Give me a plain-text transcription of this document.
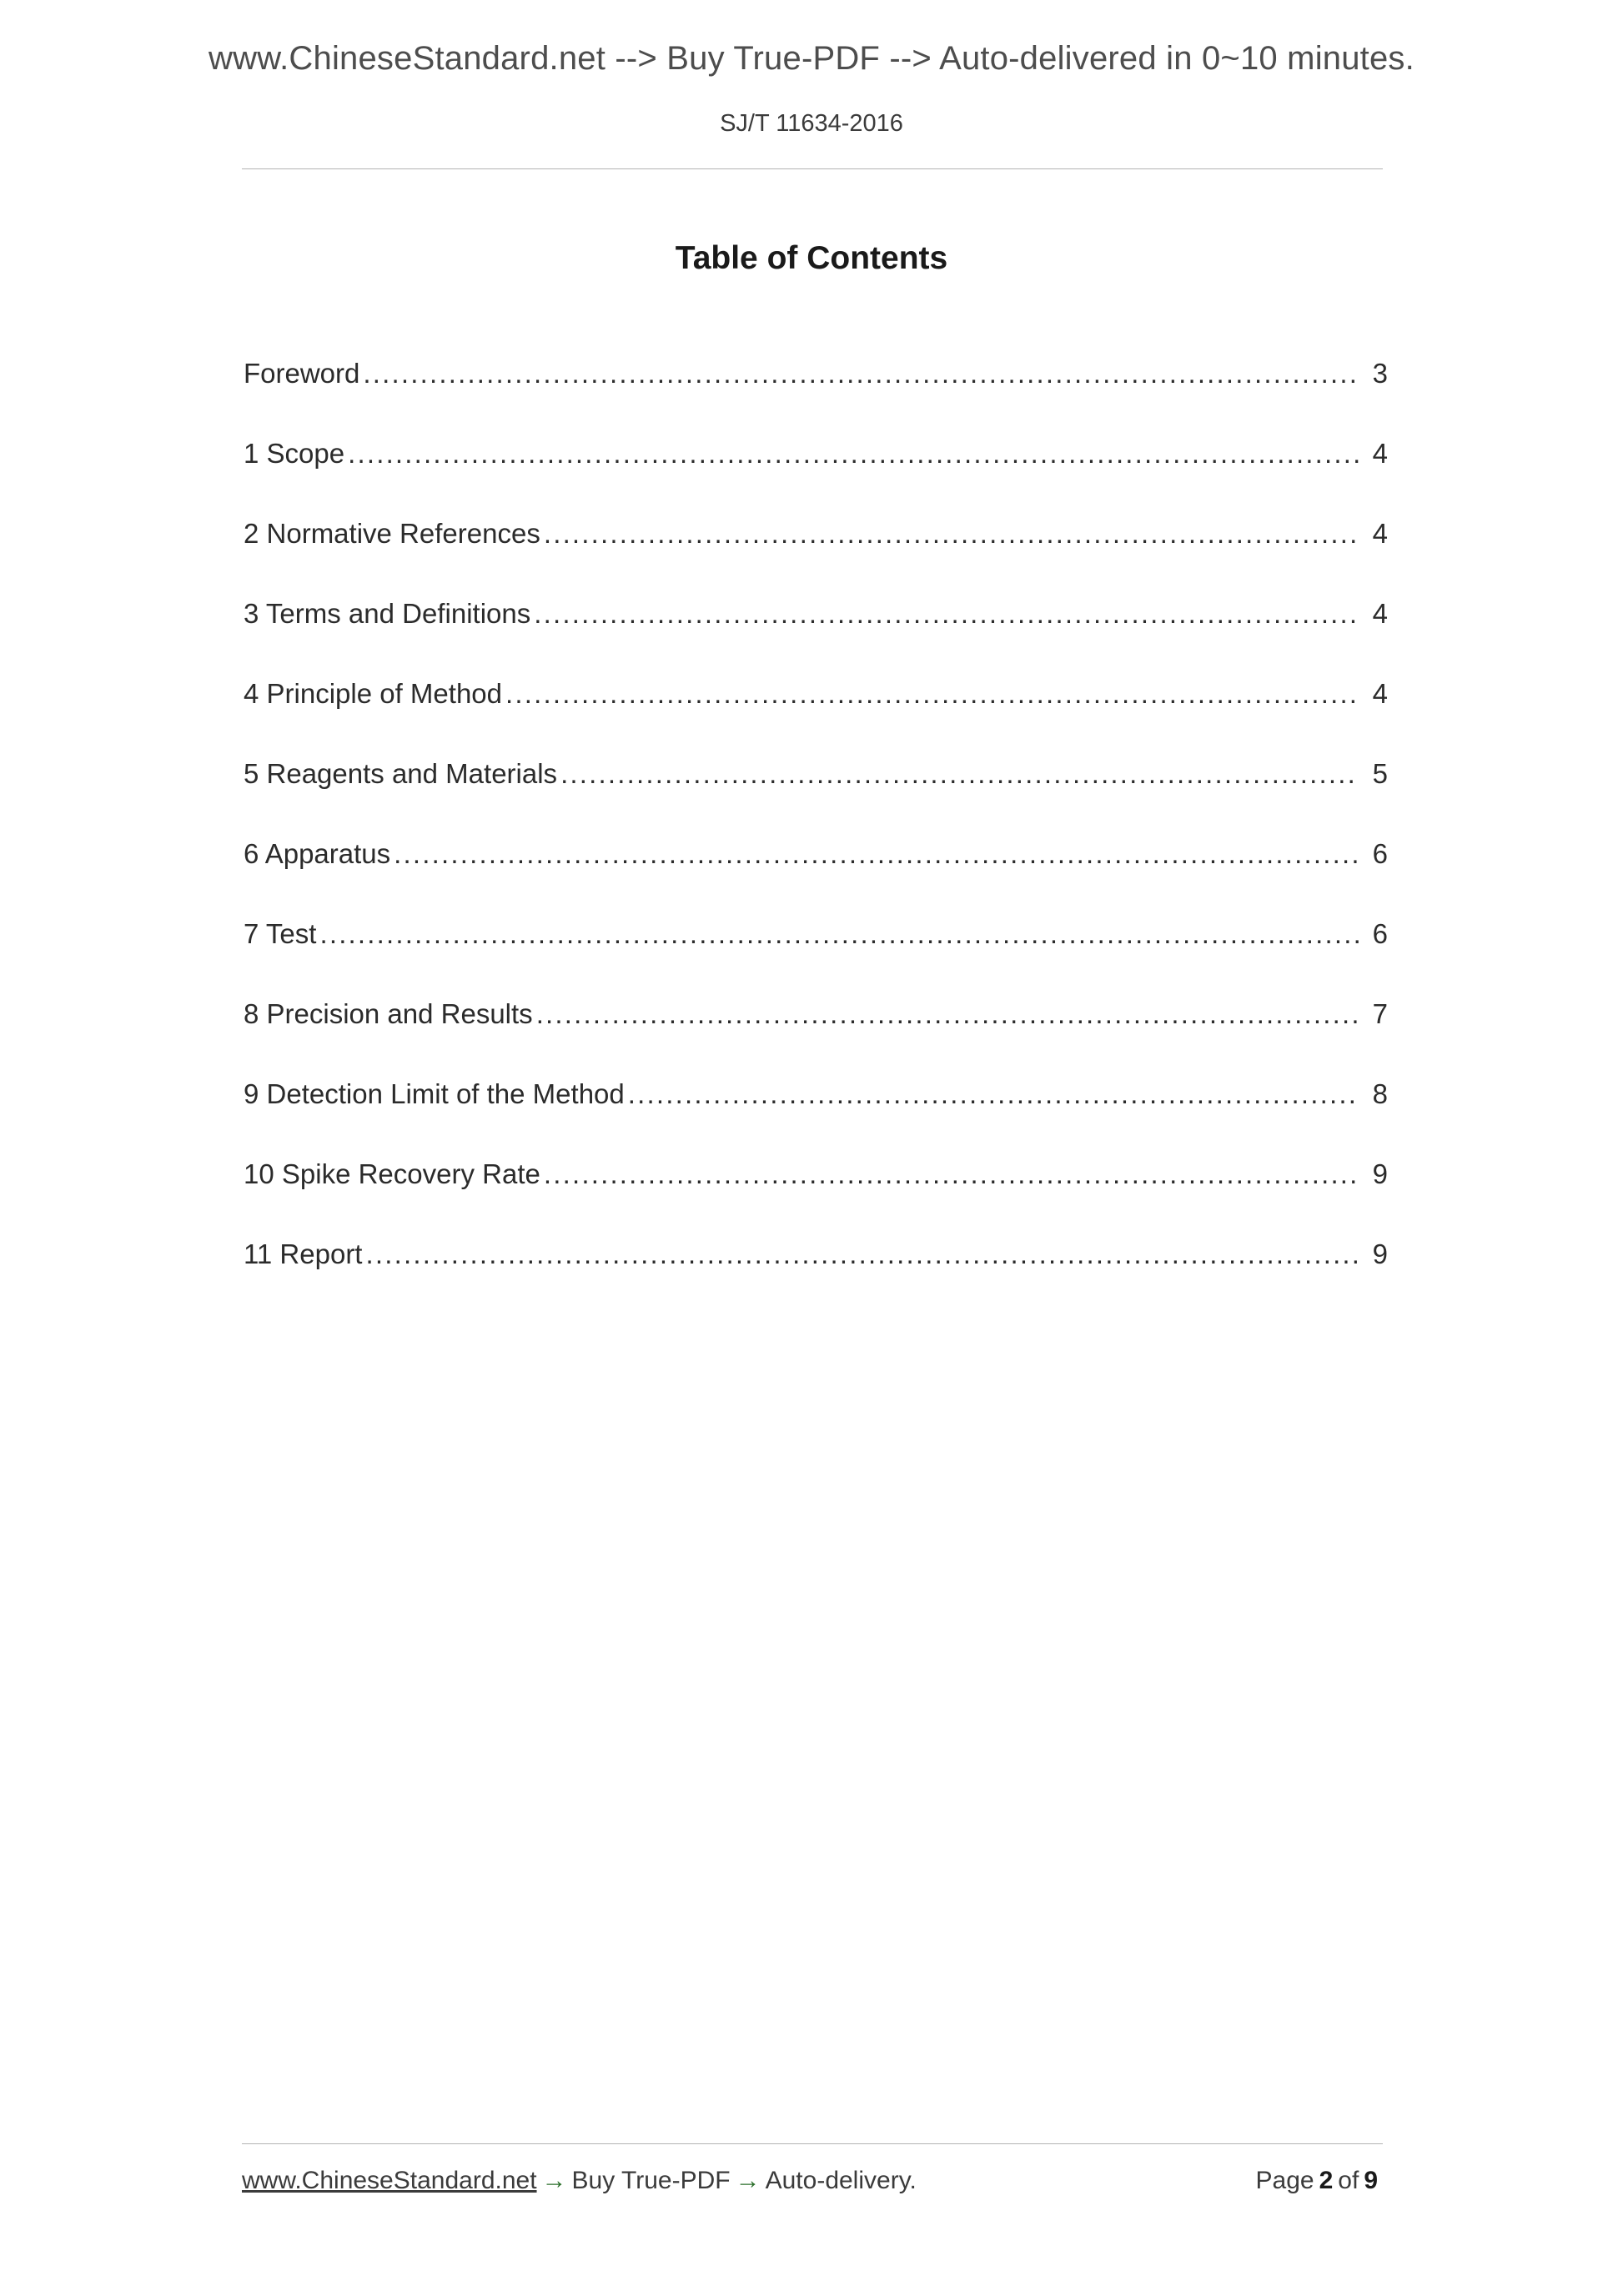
www.ChineseStandard.net --> Buy True-PDF --> Auto-delivered in 0~10 minutes.
SJ/T 11634-2016
Table of Contents
Foreword .....	3
1 Scope .....	4
2 Normative References .....	4
3 Terms and Definitions .....	4
4 Principle of Method .....	4
5 Reagents and Materials .....	5
6 Apparatus .....	6
7 Test .....	6
8 Precision and Results .....	7
9 Detection Limit of the Method .....	8
10 Spike Recovery Rate .....	9
11 Report .....	9
www.ChineseStandard.net → Buy True-PDF → Auto-delivery.	Page 2 of 9
